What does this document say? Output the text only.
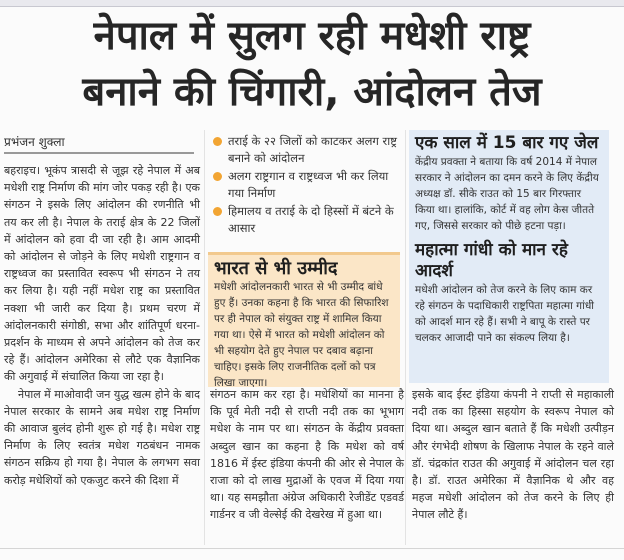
नेपाल में सुलग रही मधेशी राष्ट्र
बनाने की चिंगारी, आंदोलन तेज
प्रभंजन शुक्ला

बहराइच। भूकंप त्रासदी से जूझ रहे नेपाल में अब मधेशी राष्ट्र निर्माण की मांग जोर पकड़ रही है। एक संगठन ने इसके लिए आंदोलन की रणनीति भी तय कर ली है। नेपाल के तराई क्षेत्र के 22 जिलों में आंदोलन को हवा दी जा रही है। आम आदमी को आंदोलन से जोड़ने के लिए मधेशी राष्ट्रगान व राष्ट्रध्वज का प्रस्तावित स्वरूप भी संगठन ने तय कर लिया है। यही नहीं मधेश राष्ट्र का प्रस्तावित नक्शा भी जारी कर दिया है। प्रथम चरण में आंदोलनकारी संगोष्ठी, सभा और शांतिपूर्ण धरना-प्रदर्शन के माध्यम से अपने आंदोलन को तेज कर रहे हैं। आंदोलन अमेरिका से लौटे एक वैज्ञानिक की अगुवाई में संचालित किया जा रहा है।

नेपाल में माओवादी जन युद्ध खत्म होने के बाद नेपाल सरकार के सामने अब मधेश राष्ट्र निर्माण की आवाज बुलंद होनी शुरू हो गई है। मधेश राष्ट्र निर्माण के लिए स्वतंत्र मधेश गठबंधन नामक संगठन सक्रिय हो गया है। नेपाल के लगभग सवा करोड़ मधेशियों को एकजुट करने की दिशा में

तराई के २२ जिलों को काटकर अलग राष्ट्र बनाने को आंदोलन
अलग राष्ट्रगान व राष्ट्रध्वज भी कर लिया गया निर्माण
हिमालय व तराई के दो हिस्सों में बंटने के आसार
भारत से भी उम्मीद
मधेशी आंदोलनकारी भारत से भी उम्मीद बांधे हुए हैं। उनका कहना है कि भारत की सिफारिश पर ही नेपाल को संयुक्त राष्ट्र में शामिल किया गया था। ऐसे में भारत को मधेशी आंदोलन को भी सहयोग देते हुए नेपाल पर दबाव बढ़ाना चाहिए। इसके लिए राजनीतिक दलों को पत्र लिखा जाएगा।
एक साल में 15 बार गए जेल
केंद्रीय प्रवक्ता ने बताया कि वर्ष 2014 में नेपाल सरकार ने आंदोलन का दमन करने के लिए केंद्रीय अध्यक्ष डॉ. सीके राउत को 15 बार गिरफ्तार किया था। हालांकि, कोर्ट में वह लोग केस जीतते गए, जिससे सरकार को पीछे हटना पड़ा।
महात्मा गांधी को मान रहे आदर्श
मधेशी आंदोलन को तेज करने के लिए काम कर रहे संगठन के पदाधिकारी राष्ट्रपिता महात्मा गांधी को आदर्श मान रहे हैं। सभी ने बापू के रास्ते पर चलकर आजादी पाने का संकल्प लिया है।
संगठन काम कर रहा है। मधेशियों का मानना है कि पूर्व मेती नदी से राप्ती नदी तक का भूभाग मधेश के नाम पर था। संगठन के केंद्रीय प्रवक्ता अब्दुल खान का कहना है कि मधेश को वर्ष 1816 में ईस्ट इंडिया कंपनी की ओर से नेपाल के राजा को दो लाख मुद्राओं के एवज में दिया गया था। यह समझौता अंग्रेज अधिकारी रेजीडेंट एडवर्ड गार्डनर व जी वेल्सेई की देखरेख में हुआ था।
इसके बाद ईस्ट इंडिया कंपनी ने राप्ती से महाकाली नदी तक का हिस्सा सहयोग के स्वरूप नेपाल को दिया था। अब्दुल खान बताते हैं कि मधेशी उत्पीड़न और रंगभेदी शोषण के खिलाफ नेपाल के रहने वाले डॉ. चंद्रकांत राउत की अगुवाई में आंदोलन चल रहा है। डॉ. राउत अमेरिका में वैज्ञानिक थे और वह महज मधेशी आंदोलन को तेज करने के लिए ही नेपाल लौटे हैं।
